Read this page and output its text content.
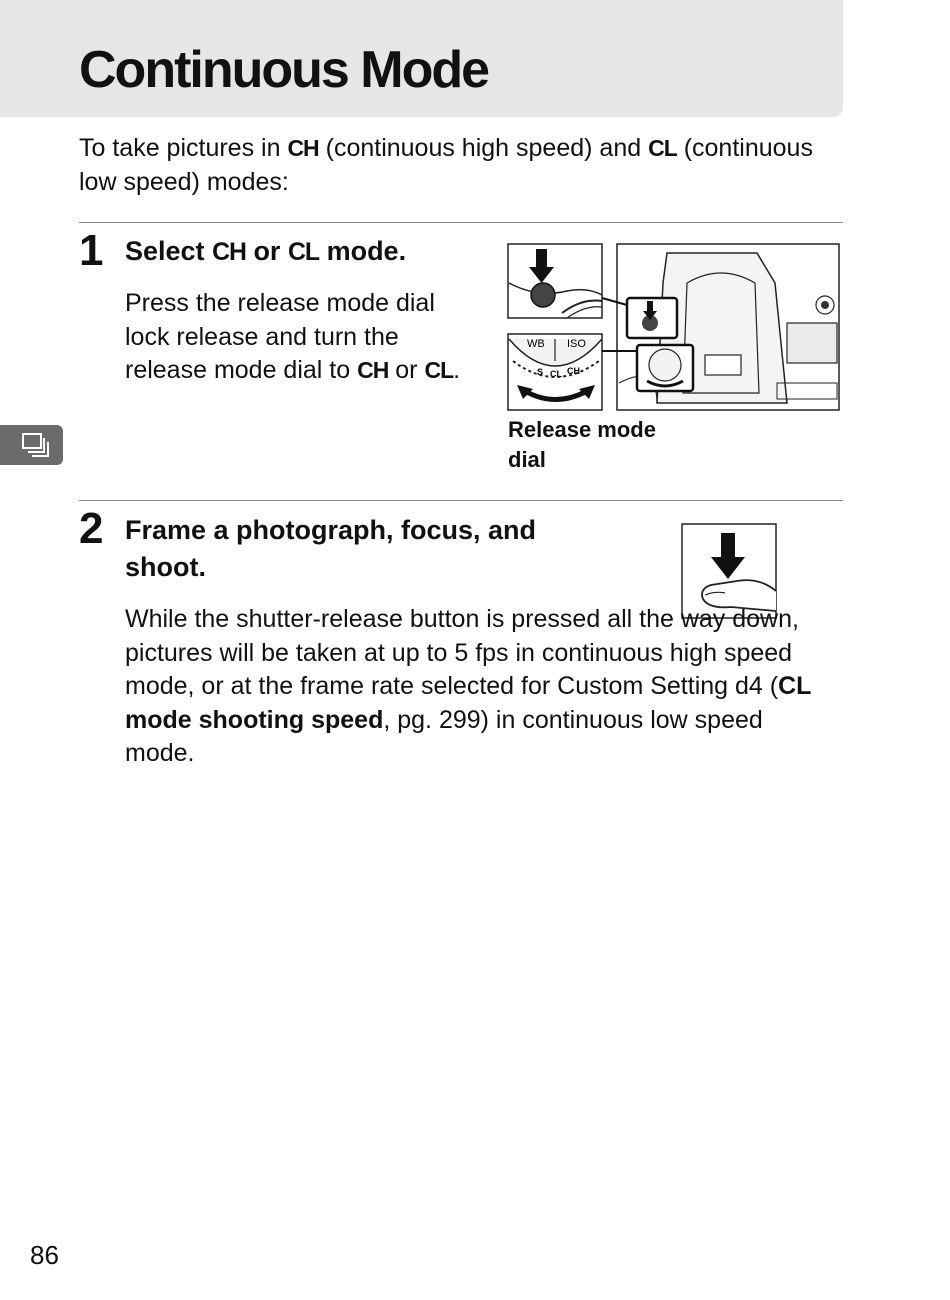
Continuous Mode

To take pictures in CH (continuous high speed) and CL (continuous low speed) modes:

1 Select CH or CL mode.

Press the release mode dial lock release and turn the release mode dial to CH or CL.

WB ISO
S CL CH

Release mode dial

2 Frame a photograph, focus, and shoot.

While the shutter-release button is pressed all the way down, pictures will be taken at up to 5 fps in continuous high speed mode, or at the frame rate selected for Custom Setting d4 (CL mode shooting speed, pg. 299) in continuous low speed mode.

86
